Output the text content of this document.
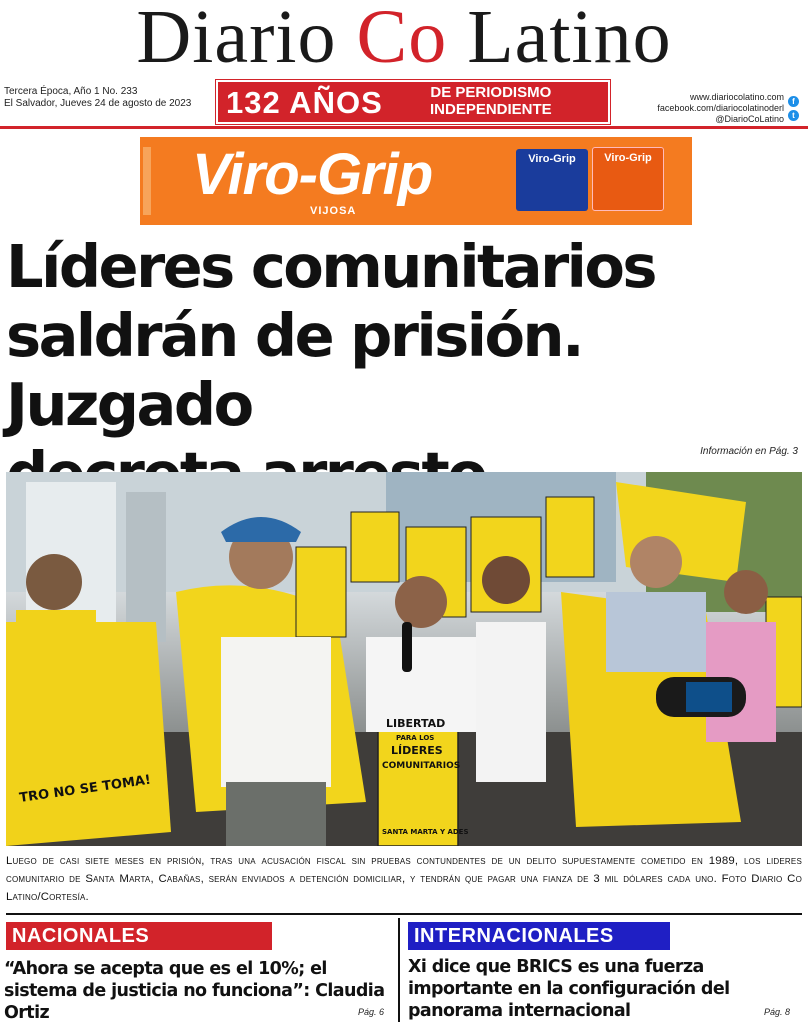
Diario Co Latino
Tercera Época, Año 1 No. 233
El Salvador, Jueves 24 de agosto de 2023 132 AÑOS	DE PERIODISMO
INDEPENDIENTE
www.diariocolatino.com
facebook.com/diariocolatinoderl
@DiarioCoLatino
f
t
Viro-Grip
VIJOSA
Viro-Grip	Viro-Grip
Líderes comunitarios
saldrán de prisión. Juzgado
Información en Pág. 3
LIBERTAD
PARA LOS
LÍDERES
COMUNITARIOS
SANTA MARTA Y ADES
TRO NO SE TOMA!
Luego de casi siete meses en prisión, tras una acusación fiscal sin pruebas contundentes de un delito supuestamente cometido en 1989, los lideres comunitario de Santa Marta, Cabañas, serán enviados a detención domiciliar, y tendrán que pagar una fianza de 3 mil dólares cada uno. Foto Diario Co Latino/Cortesía.
NACIONALES
“Ahora se acepta que es el 10%; el sistema de justicia no funciona”: Claudia Ortiz	Pág. 6
INTERNACIONALES
Xi dice que BRICS es una fuerza importante en la configuración del panorama internacional	Pág. 8
